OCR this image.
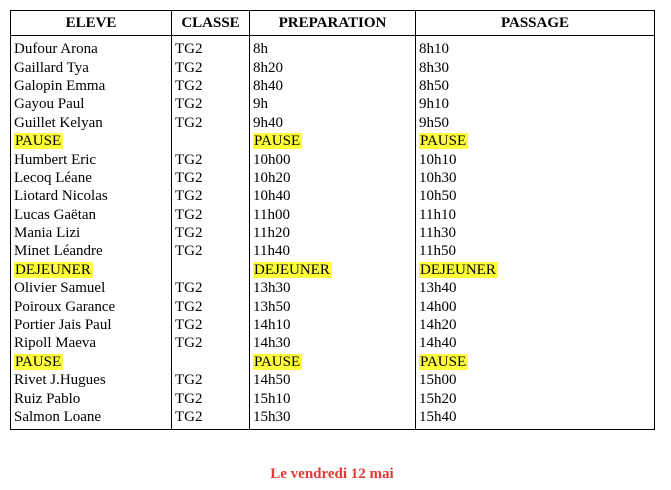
ELEVE	CLASSE	PREPARATION	PASSAGE
Dufour Arona	TG2	8h	8h10
Gaillard Tya	TG2	8h20	8h30
Galopin Emma	TG2	8h40	8h50
Gayou Paul	TG2	9h	9h10
Guillet Kelyan	TG2	9h40	9h50
PAUSE		PAUSE	PAUSE
Humbert Eric	TG2	10h00	10h10
Lecoq Léane	TG2	10h20	10h30
Liotard Nicolas	TG2	10h40	10h50
Lucas Gaëtan	TG2	11h00	11h10
Mania Lizi	TG2	11h20	11h30
Minet Léandre	TG2	11h40	11h50
DEJEUNER		DEJEUNER	DEJEUNER
Olivier Samuel	TG2	13h30	13h40
Poiroux Garance	TG2	13h50	14h00
Portier Jais Paul	TG2	14h10	14h20
Ripoll Maeva	TG2	14h30	14h40
PAUSE		PAUSE	PAUSE
Rivet J.Hugues	TG2	14h50	15h00
Ruiz Pablo	TG2	15h10	15h20
Salmon Loane	TG2	15h30	15h40
Le vendredi 12 mai
